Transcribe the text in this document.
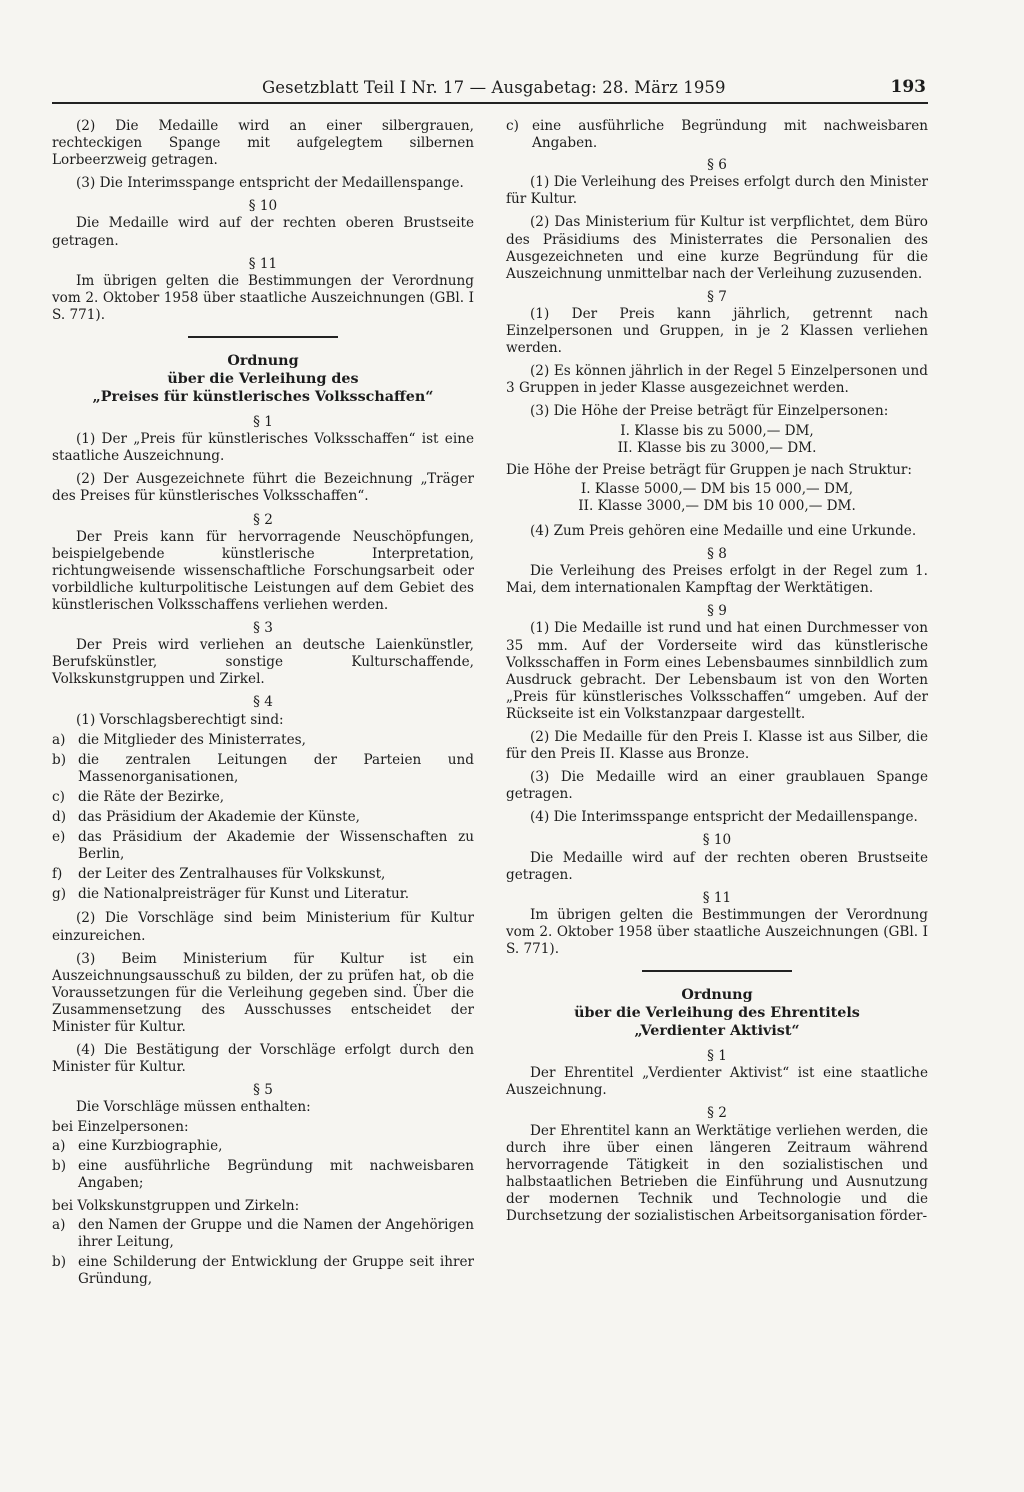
Gesetzblatt Teil I Nr. 17 — Ausgabetag: 28. März 1959	193

(2) Die Medaille wird an einer silbergrauen, rechteckigen Spange mit aufgelegtem silbernen Lorbeerzweig getragen.

(3) Die Interimsspange entspricht der Medaillenspange.

§ 10

Die Medaille wird auf der rechten oberen Brustseite getragen.

§ 11

Im übrigen gelten die Bestimmungen der Verordnung vom 2. Oktober 1958 über staatliche Auszeichnungen (GBl. I S. 771).

Ordnung
über die Verleihung des
„Preises für künstlerisches Volksschaffen“

§ 1

(1) Der „Preis für künstlerisches Volksschaffen“ ist eine staatliche Auszeichnung.

(2) Der Ausgezeichnete führt die Bezeichnung „Träger des Preises für künstlerisches Volksschaffen“.

§ 2

Der Preis kann für hervorragende Neuschöpfungen, beispielgebende künstlerische Interpretation, richtungweisende wissenschaftliche Forschungsarbeit oder vorbildliche kulturpolitische Leistungen auf dem Gebiet des künstlerischen Volksschaffens verliehen werden.

§ 3

Der Preis wird verliehen an deutsche Laienkünstler, Berufskünstler, sonstige Kulturschaffende, Volkskunstgruppen und Zirkel.

§ 4

(1) Vorschlagsberechtigt sind:

a) die Mitglieder des Ministerrates,
b) die zentralen Leitungen der Parteien und Massenorganisationen,
c) die Räte der Bezirke,
d) das Präsidium der Akademie der Künste,
e) das Präsidium der Akademie der Wissenschaften zu Berlin,
f)	der Leiter des Zentralhauses für Volkskunst,
g) die Nationalpreisträger für Kunst und Literatur.

(2) Die Vorschläge sind beim Ministerium für Kultur einzureichen.

(3) Beim Ministerium für Kultur ist ein Auszeichnungsausschuß zu bilden, der zu prüfen hat, ob die Voraussetzungen für die Verleihung gegeben sind. Über die Zusammensetzung des Ausschusses entscheidet der Minister für Kultur.

(4) Die Bestätigung der Vorschläge erfolgt durch den Minister für Kultur.

§ 5

Die Vorschläge müssen enthalten:

bei Einzelpersonen:

a) eine Kurzbiographie,
b) eine ausführliche Begründung mit nachweisbaren Angaben;

bei Volkskunstgruppen und Zirkeln:

a) den Namen der Gruppe und die Namen der Angehörigen ihrer Leitung,
b) eine Schilderung der Entwicklung der Gruppe seit ihrer Gründung,
c) eine ausführliche Begründung mit nachweisbaren Angaben.

§ 6

(1) Die Verleihung des Preises erfolgt durch den Minister für Kultur.

(2) Das Ministerium für Kultur ist verpflichtet, dem Büro des Präsidiums des Ministerrates die Personalien des Ausgezeichneten und eine kurze Begründung für die Auszeichnung unmittelbar nach der Verleihung zuzusenden.

§ 7

(1) Der Preis kann jährlich, getrennt nach Einzelpersonen und Gruppen, in je 2 Klassen verliehen werden.

(2) Es können jährlich in der Regel 5 Einzelpersonen und 3 Gruppen in jeder Klasse ausgezeichnet werden.

(3) Die Höhe der Preise beträgt für Einzelpersonen:

I. Klasse bis zu 5000,— DM,

II. Klasse bis zu 3000,— DM.

Die Höhe der Preise beträgt für Gruppen je nach Struktur:

I. Klasse 5000,— DM bis 15 000,— DM,

II. Klasse 3000,— DM bis 10 000,— DM.

(4) Zum Preis gehören eine Medaille und eine Urkunde.

§ 8

Die Verleihung des Preises erfolgt in der Regel zum 1. Mai, dem internationalen Kampftag der Werktätigen.

§ 9

(1) Die Medaille ist rund und hat einen Durchmesser von 35 mm. Auf der Vorderseite wird das künstlerische Volksschaffen in Form eines Lebensbaumes sinnbildlich zum Ausdruck gebracht. Der Lebensbaum ist von den Worten „Preis für künstlerisches Volksschaffen“ umgeben. Auf der Rückseite ist ein Volkstanzpaar dargestellt.

(2) Die Medaille für den Preis I. Klasse ist aus Silber, die für den Preis II. Klasse aus Bronze.

(3) Die Medaille wird an einer graublauen Spange getragen.

(4) Die Interimsspange entspricht der Medaillenspange.

§ 10

Die Medaille wird auf der rechten oberen Brustseite getragen.

§ 11

Im übrigen gelten die Bestimmungen der Verordnung vom 2. Oktober 1958 über staatliche Auszeichnungen (GBl. I S. 771).

Ordnung
über die Verleihung des Ehrentitels
„Verdienter Aktivist“

§ 1

Der Ehrentitel „Verdienter Aktivist“ ist eine staatliche Auszeichnung.

§ 2

Der Ehrentitel kann an Werktätige verliehen werden, die durch ihre über einen längeren Zeitraum während hervorragende Tätigkeit in den sozialistischen und halbstaatlichen Betrieben die Einführung und Ausnutzung der modernen Technik und Technologie und die Durchsetzung der sozialistischen Arbeitsorganisation förder-
